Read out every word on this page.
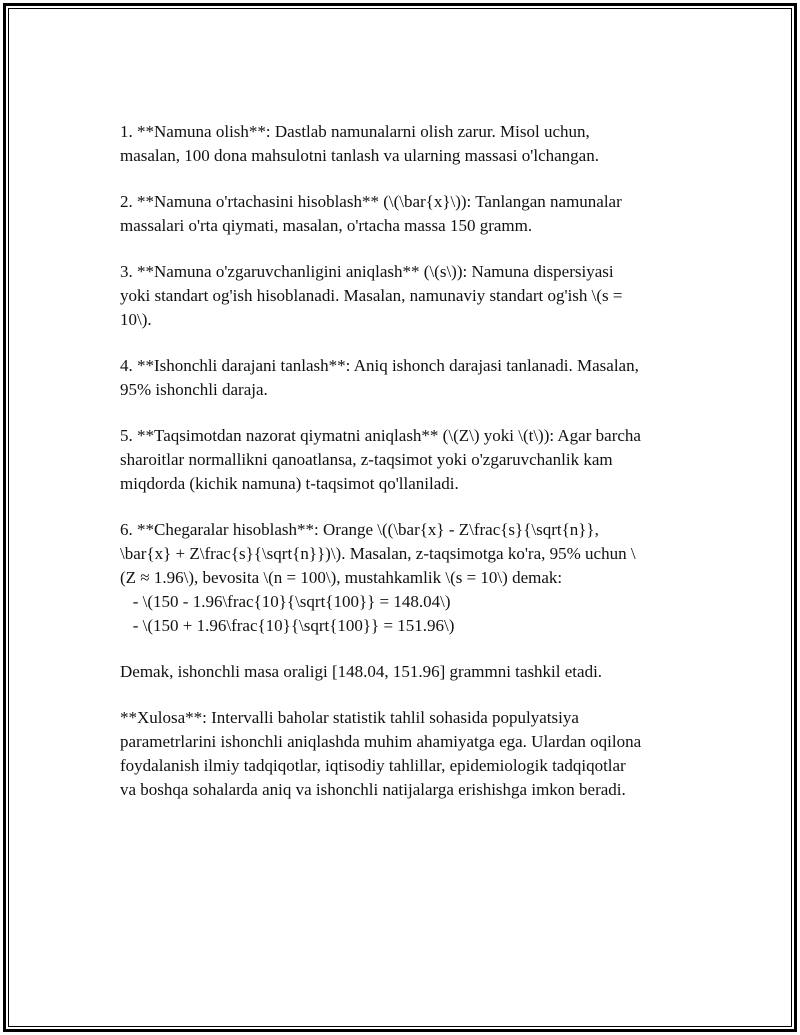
1. **Namuna olish**: Dastlab namunalarni olish zarur. Misol uchun,
masalan, 100 dona mahsulotni tanlash va ularning massasi o'lchangan.
2. **Namuna o'rtachasini hisoblash** (\(\bar{x}\)): Tanlangan namunalar
massalari o'rta qiymati, masalan, o'rtacha massa 150 gramm.
3. **Namuna o'zgaruvchanligini aniqlash** (\(s\)): Namuna dispersiyasi
yoki standart og'ish hisoblanadi. Masalan, namunaviy standart og'ish \(s =
10\).
4. **Ishonchli darajani tanlash**: Aniq ishonch darajasi tanlanadi. Masalan,
95% ishonchli daraja.
5. **Taqsimotdan nazorat qiymatni aniqlash** (\(Z\) yoki \(t\)): Agar barcha
sharoitlar normallikni qanoatlansa, z-taqsimot yoki o'zgaruvchanlik kam
miqdorda (kichik namuna) t-taqsimot qo'llaniladi.
6. **Chegaralar hisoblash**: Orange \((\bar{x} - Z\frac{s}{\sqrt{n}},
\bar{x} + Z\frac{s}{\sqrt{n}})\). Masalan, z-taqsimotga ko'ra, 95% uchun \
(Z ≈ 1.96\), bevosita \(n = 100\), mustahkamlik \(s = 10\) demak:
- \(150 - 1.96\frac{10}{\sqrt{100}} = 148.04\)
- \(150 + 1.96\frac{10}{\sqrt{100}} = 151.96\)
Demak, ishonchli masa oraligi [148.04, 151.96] grammni tashkil etadi.
**Xulosa**: Intervalli baholar statistik tahlil sohasida populyatsiya
parametrlarini ishonchli aniqlashda muhim ahamiyatga ega. Ulardan oqilona
foydalanish ilmiy tadqiqotlar, iqtisodiy tahlillar, epidemiologik tadqiqotlar
va boshqa sohalarda aniq va ishonchli natijalarga erishishga imkon beradi.
